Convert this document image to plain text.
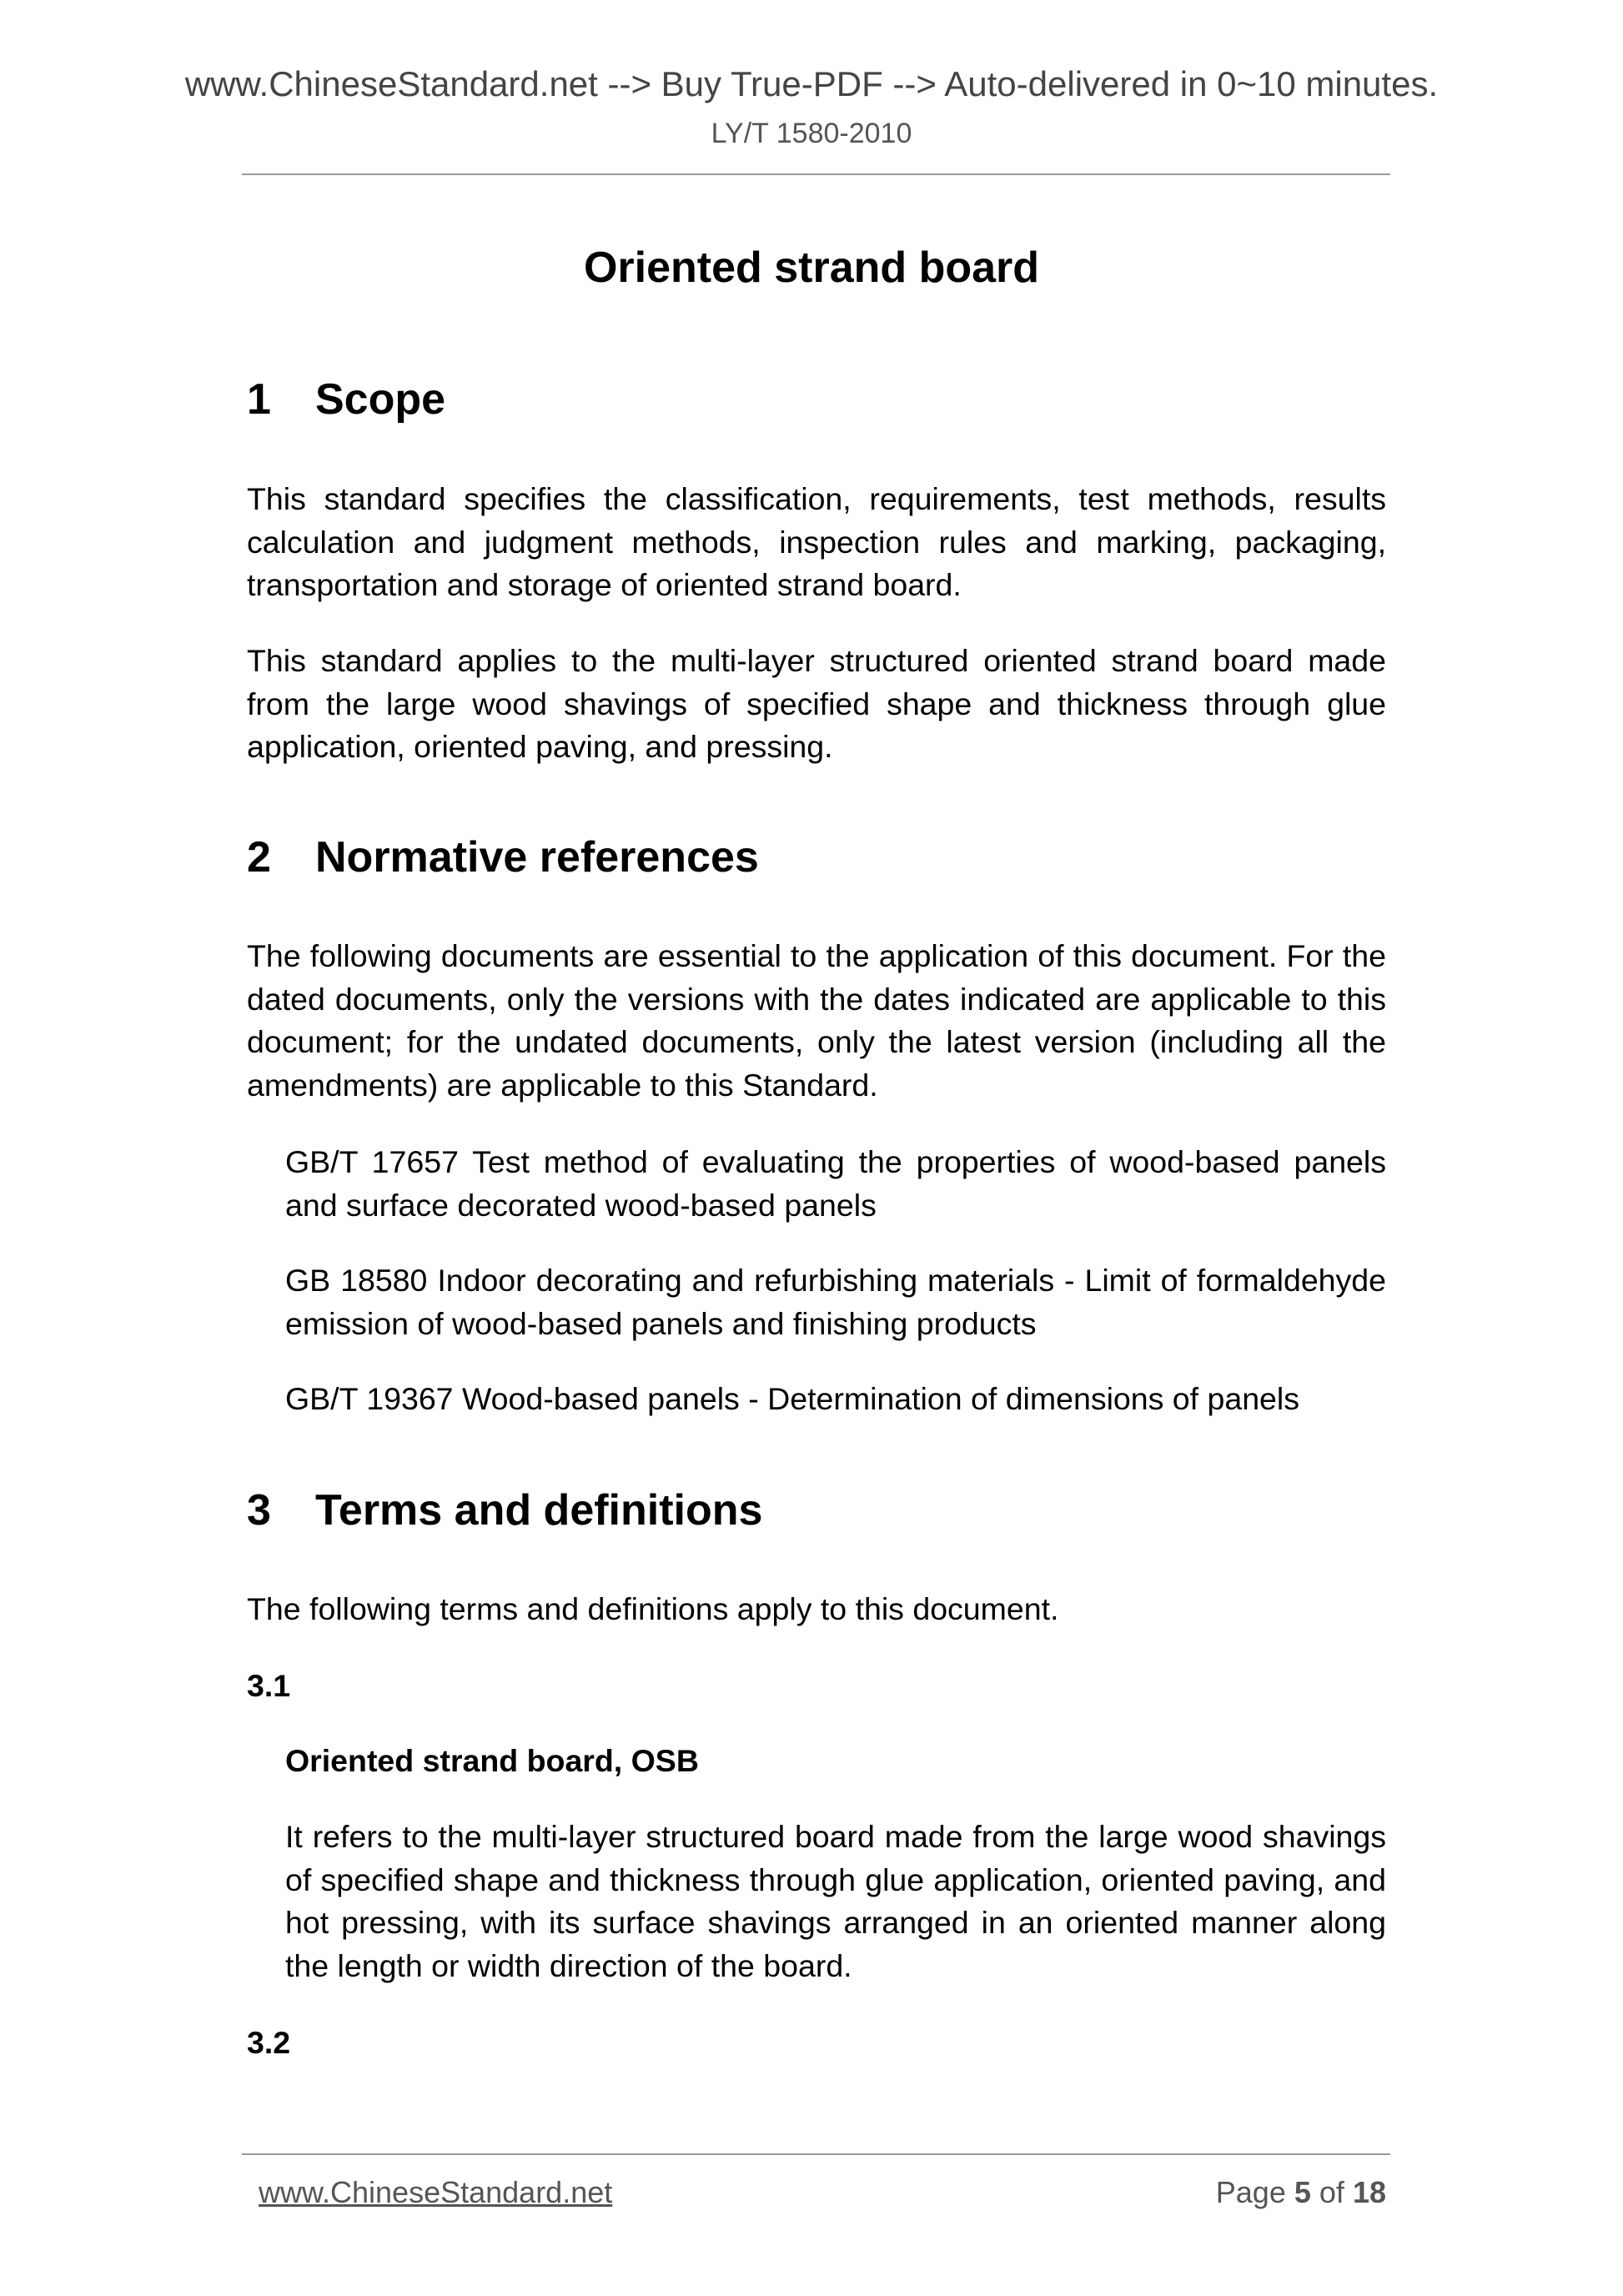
www.ChineseStandard.net --> Buy True-PDF --> Auto-delivered in 0~10 minutes.
LY/T 1580-2010
Oriented strand board
1 Scope

This standard specifies the classification, requirements, test methods, results calculation and judgment methods, inspection rules and marking, packaging, transportation and storage of oriented strand board.

This standard applies to the multi-layer structured oriented strand board made from the large wood shavings of specified shape and thickness through glue application, oriented paving, and pressing.

2 Normative references

The following documents are essential to the application of this document. For the dated documents, only the versions with the dates indicated are applicable to this document; for the undated documents, only the latest version (including all the amendments) are applicable to this Standard.

GB/T 17657 Test method of evaluating the properties of wood-based panels and surface decorated wood-based panels

GB 18580 Indoor decorating and refurbishing materials - Limit of formaldehyde emission of wood-based panels and finishing products

GB/T 19367 Wood-based panels - Determination of dimensions of panels

3 Terms and definitions

The following terms and definitions apply to this document.

3.1

Oriented strand board, OSB

It refers to the multi-layer structured board made from the large wood shavings of specified shape and thickness through glue application, oriented paving, and hot pressing, with its surface shavings arranged in an oriented manner along the length or width direction of the board.

3.2

www.ChineseStandard.net	Page 5 of 18
